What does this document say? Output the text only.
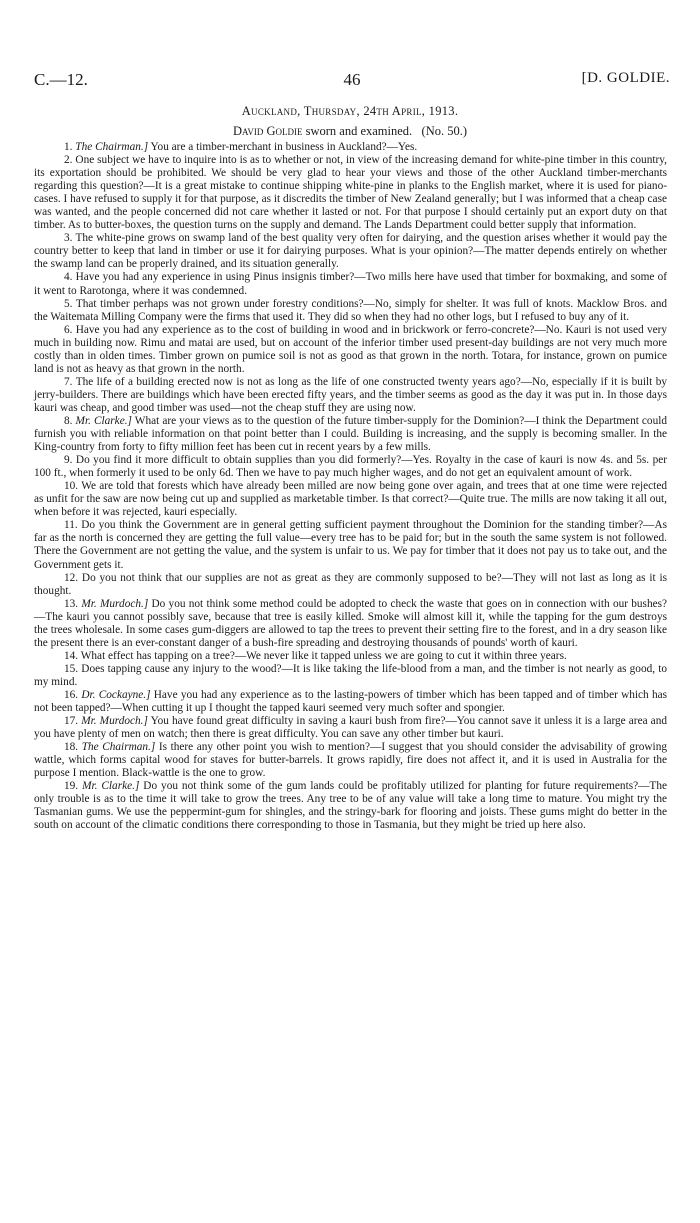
C.—12.	46	[D. GOLDIE.
Auckland, Thursday, 24th April, 1913.
David Goldie sworn and examined. (No. 50.)

1. The Chairman.] You are a timber-merchant in business in Auckland?—Yes.

2. One subject we have to inquire into is as to whether or not, in view of the increasing demand for white-pine timber in this country, its exportation should be prohibited. We should be very glad to hear your views and those of the other Auckland timber-merchants regarding this question?—It is a great mistake to continue shipping white-pine in planks to the English market, where it is used for piano-cases. I have refused to supply it for that purpose, as it discredits the timber of New Zealand generally; but I was informed that a cheap case was wanted, and the people concerned did not care whether it lasted or not. For that purpose I should certainly put an export duty on that timber. As to butter-boxes, the question turns on the supply and demand. The Lands Department could better supply that information.

3. The white-pine grows on swamp land of the best quality very often for dairying, and the question arises whether it would pay the country better to keep that land in timber or use it for dairying purposes. What is your opinion?—The matter depends entirely on whether the swamp land can be properly drained, and its situation generally.

4. Have you had any experience in using Pinus insignis timber?—Two mills here have used that timber for boxmaking, and some of it went to Rarotonga, where it was condemned.

5. That timber perhaps was not grown under forestry conditions?—No, simply for shelter. It was full of knots. Macklow Bros. and the Waitemata Milling Company were the firms that used it. They did so when they had no other logs, but I refused to buy any of it.

6. Have you had any experience as to the cost of building in wood and in brickwork or ferro-concrete?—No. Kauri is not used very much in building now. Rimu and matai are used, but on account of the inferior timber used present-day buildings are not very much more costly than in olden times. Timber grown on pumice soil is not as good as that grown in the north. Totara, for instance, grown on pumice land is not as heavy as that grown in the north.

7. The life of a building erected now is not as long as the life of one constructed twenty years ago?—No, especially if it is built by jerry-builders. There are buildings which have been erected fifty years, and the timber seems as good as the day it was put in. In those days kauri was cheap, and good timber was used—not the cheap stuff they are using now.

8. Mr. Clarke.] What are your views as to the question of the future timber-supply for the Dominion?—I think the Department could furnish you with reliable information on that point better than I could. Building is increasing, and the supply is becoming smaller. In the King-country from forty to fifty million feet has been cut in recent years by a few mills.

9. Do you find it more difficult to obtain supplies than you did formerly?—Yes. Royalty in the case of kauri is now 4s. and 5s. per 100 ft., when formerly it used to be only 6d. Then we have to pay much higher wages, and do not get an equivalent amount of work.

10. We are told that forests which have already been milled are now being gone over again, and trees that at one time were rejected as unfit for the saw are now being cut up and supplied as marketable timber. Is that correct?—Quite true. The mills are now taking it all out, when before it was rejected, kauri especially.

11. Do you think the Government are in general getting sufficient payment throughout the Dominion for the standing timber?—As far as the north is concerned they are getting the full value—every tree has to be paid for; but in the south the same system is not followed. There the Government are not getting the value, and the system is unfair to us. We pay for timber that it does not pay us to take out, and the Government gets it.

12. Do you not think that our supplies are not as great as they are commonly supposed to be?—They will not last as long as it is thought.

13. Mr. Murdoch.] Do you not think some method could be adopted to check the waste that goes on in connection with our bushes?—The kauri you cannot possibly save, because that tree is easily killed. Smoke will almost kill it, while the tapping for the gum destroys the trees wholesale. In some cases gum-diggers are allowed to tap the trees to prevent their setting fire to the forest, and in a dry season like the present there is an ever-constant danger of a bush-fire spreading and destroying thousands of pounds' worth of kauri.

14. What effect has tapping on a tree?—We never like it tapped unless we are going to cut it within three years.

15. Does tapping cause any injury to the wood?—It is like taking the life-blood from a man, and the timber is not nearly as good, to my mind.

16. Dr. Cockayne.] Have you had any experience as to the lasting-powers of timber which has been tapped and of timber which has not been tapped?—When cutting it up I thought the tapped kauri seemed very much softer and spongier.

17. Mr. Murdoch.] You have found great difficulty in saving a kauri bush from fire?—You cannot save it unless it is a large area and you have plenty of men on watch; then there is great difficulty. You can save any other timber but kauri.

18. The Chairman.] Is there any other point you wish to mention?—I suggest that you should consider the advisability of growing wattle, which forms capital wood for staves for butter-barrels. It grows rapidly, fire does not affect it, and it is used in Australia for the purpose I mention. Black-wattle is the one to grow.

19. Mr. Clarke.] Do you not think some of the gum lands could be profitably utilized for planting for future requirements?—The only trouble is as to the time it will take to grow the trees. Any tree to be of any value will take a long time to mature. You might try the Tasmanian gums. We use the peppermint-gum for shingles, and the stringy-bark for flooring and joists. These gums might do better in the south on account of the climatic conditions there corresponding to those in Tasmania, but they might be tried up here also.
